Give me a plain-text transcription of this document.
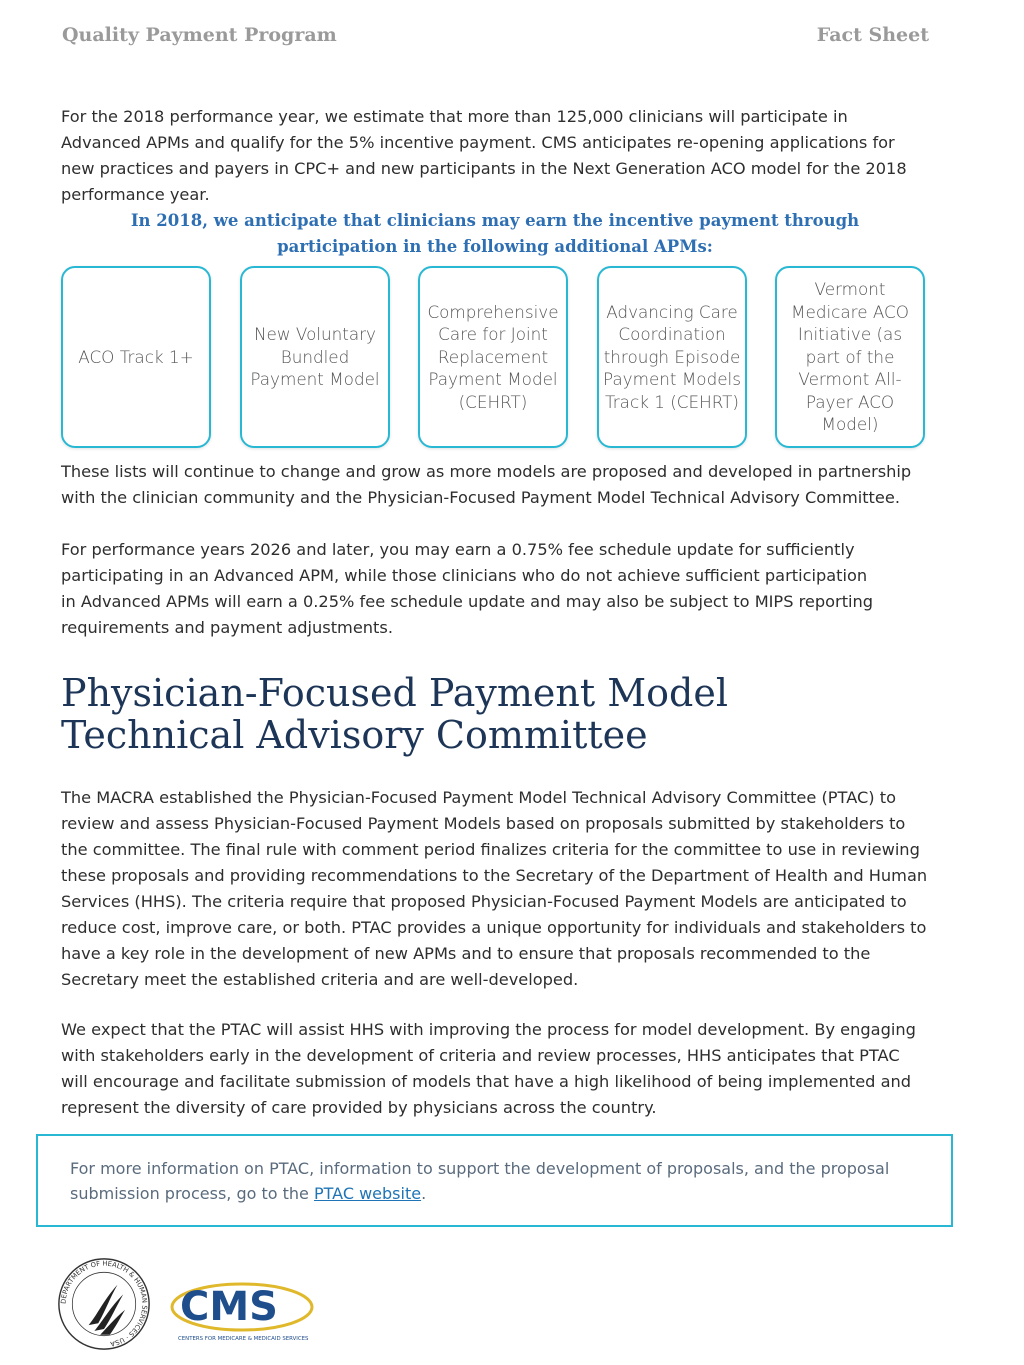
Quality Payment Program	Fact Sheet

For the 2018 performance year, we estimate that more than 125,000 clinicians will participate in Advanced APMs and qualify for the 5% incentive payment. CMS anticipates re-opening applications for new practices and payers in CPC+ and new participants in the Next Generation ACO model for the 2018 performance year.

In 2018, we anticipate that clinicians may earn the incentive payment through participation in the following additional APMs:
ACO Track 1+
New Voluntary Bundled Payment Model
Comprehensive Care for Joint Replacement Payment Model (CEHRT)
Advancing Care Coordination through Episode Payment Models Track 1 (CEHRT)
Vermont Medicare ACO Initiative (as part of the Vermont All-Payer ACO Model)

These lists will continue to change and grow as more models are proposed and developed in partnership with the clinician community and the Physician-Focused Payment Model Technical Advisory Committee.

For performance years 2026 and later, you may earn a 0.75% fee schedule update for sufficiently participating in an Advanced APM, while those clinicians who do not achieve sufficient participation in Advanced APMs will earn a 0.25% fee schedule update and may also be subject to MIPS reporting requirements and payment adjustments.

Physician-Focused Payment Model
Technical Advisory Committee

The MACRA established the Physician-Focused Payment Model Technical Advisory Committee (PTAC) to review and assess Physician-Focused Payment Models based on proposals submitted by stakeholders to the committee. The final rule with comment period finalizes criteria for the committee to use in reviewing these proposals and providing recommendations to the Secretary of the Department of Health and Human Services (HHS). The criteria require that proposed Physician-Focused Payment Models are anticipated to reduce cost, improve care, or both. PTAC provides a unique opportunity for individuals and stakeholders to have a key role in the development of new APMs and to ensure that proposals recommended to the Secretary meet the established criteria and are well-developed.

We expect that the PTAC will assist HHS with improving the process for model development. By engaging with stakeholders early in the development of criteria and review processes, HHS anticipates that PTAC will encourage and facilitate submission of models that have a high likelihood of being implemented and represent the diversity of care provided by physicians across the country.

For more information on PTAC, information to support the development of proposals, and the proposal submission process, go to the PTAC website.
DEPARTMENT OF HEALTH & HUMAN SERVICES · USA
CMS
CENTERS FOR MEDICARE & MEDICAID SERVICES
